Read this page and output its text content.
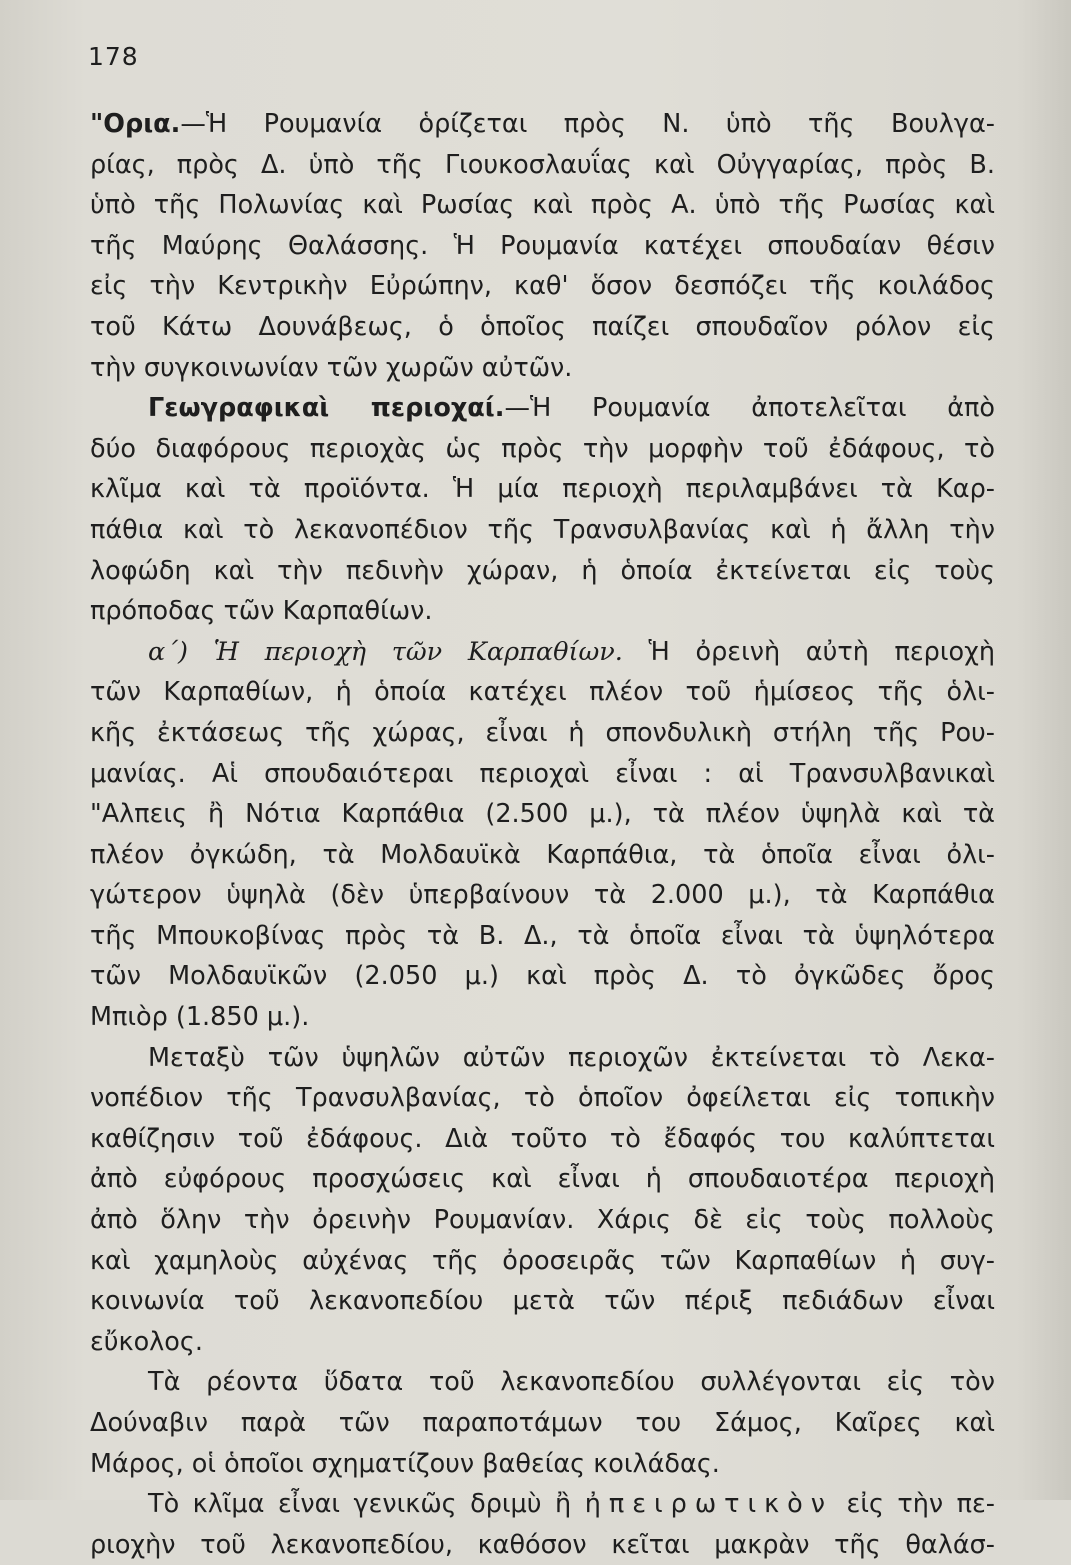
178
"Ορια.—Ἡ Ρουμανία ὁρίζεται πρὸς Ν. ὑπὸ τῆς Βουλγα-
ρίας, πρὸς Δ. ὑπὸ τῆς Γιουκοσλαυΐας καὶ Οὐγγαρίας, πρὸς Β.
ὑπὸ τῆς Πολωνίας καὶ Ρωσίας καὶ πρὸς Α. ὑπὸ τῆς Ρωσίας καὶ
τῆς Μαύρης Θαλάσσης. Ἡ Ρουμανία κατέχει σπουδαίαν θέσιν
εἰς τὴν Κεντρικὴν Εὐρώπην, καθ' ὅσον δεσπόζει τῆς κοιλάδος
τοῦ Κάτω Δουνάβεως, ὁ ὁποῖος παίζει σπουδαῖον ρόλον εἰς
τὴν συγκοινωνίαν τῶν χωρῶν αὐτῶν.
Γεωγραφικαὶ περιοχαί.—Ἡ Ρουμανία ἀποτελεῖται ἀπὸ
δύο διαφόρους περιοχὰς ὡς πρὸς τὴν μορφὴν τοῦ ἐδάφους, τὸ
κλῖμα καὶ τὰ προϊόντα. Ἡ μία περιοχὴ περιλαμβάνει τὰ Καρ-
πάθια καὶ τὸ λεκανοπέδιον τῆς Τρανσυλβανίας καὶ ἡ ἄλλη τὴν
λοφώδη καὶ τὴν πεδινὴν χώραν, ἡ ὁποία ἐκτείνεται εἰς τοὺς
πρόποδας τῶν Καρπαθίων.
α΄) Ἡ περιοχὴ τῶν Καρπαθίων. Ἡ ὀρεινὴ αὐτὴ περιοχὴ
τῶν Καρπαθίων, ἡ ὁποία κατέχει πλέον τοῦ ἡμίσεος τῆς ὁλι-
κῆς ἐκτάσεως τῆς χώρας, εἶναι ἡ σπονδυλικὴ στήλη τῆς Ρου-
μανίας. Αἱ σπουδαιότεραι περιοχαὶ εἶναι : αἱ Τρανσυλβανικαὶ
"Αλπεις ἢ Νότια Καρπάθια (2.500 μ.), τὰ πλέον ὑψηλὰ καὶ τὰ
πλέον ὀγκώδη, τὰ Μολδαυϊκὰ Καρπάθια, τὰ ὁποῖα εἶναι ὀλι-
γώτερον ὑψηλὰ (δὲν ὑπερβαίνουν τὰ 2.000 μ.), τὰ Καρπάθια
τῆς Μπουκοβίνας πρὸς τὰ Β. Δ., τὰ ὁποῖα εἶναι τὰ ὑψηλότερα
τῶν Μολδαυϊκῶν (2.050 μ.) καὶ πρὸς Δ. τὸ ὀγκῶδες ὄρος
Μπιὸρ (1.850 μ.).
Μεταξὺ τῶν ὑψηλῶν αὐτῶν περιοχῶν ἐκτείνεται τὸ Λεκα-
νοπέδιον τῆς Τρανσυλβανίας, τὸ ὁποῖον ὀφείλεται εἰς τοπικὴν
καθίζησιν τοῦ ἐδάφους. Διὰ τοῦτο τὸ ἔδαφός του καλύπτεται
ἀπὸ εὐφόρους προσχώσεις καὶ εἶναι ἡ σπουδαιοτέρα περιοχὴ
ἀπὸ ὅλην τὴν ὀρεινὴν Ρουμανίαν. Χάρις δὲ εἰς τοὺς πολλοὺς
καὶ χαμηλοὺς αὐχένας τῆς ὀροσειρᾶς τῶν Καρπαθίων ἡ συγ-
κοινωνία τοῦ λεκανοπεδίου μετὰ τῶν πέριξ πεδιάδων εἶναι
εὔκολος.
Τὰ ρέοντα ὕδατα τοῦ λεκανοπεδίου συλλέγονται εἰς τὸν
Δούναβιν παρὰ τῶν παραποτάμων του Σάμος, Καῖρες καὶ
Μάρος, οἱ ὁποῖοι σχηματίζουν βαθείας κοιλάδας.
Τὸ κλῖμα εἶναι γενικῶς δριμὺ ἢ ἠπειρωτικὸν εἰς τὴν πε-
ριοχὴν τοῦ λεκανοπεδίου, καθόσον κεῖται μακρὰν τῆς θαλάσ-
